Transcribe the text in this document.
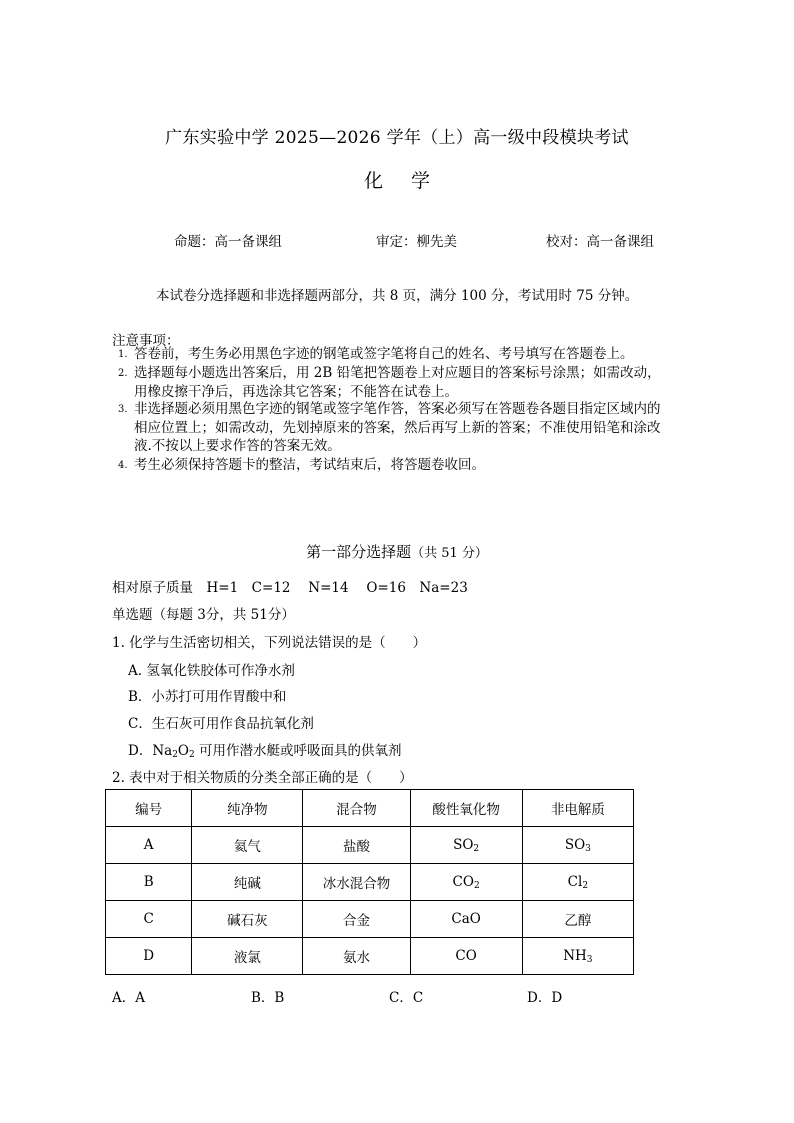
广东实验中学 2025—2026 学年（上）高一级中段模块考试
化 学
命题：高一备课组	审定：柳先美	校对：高一备课组
本试卷分选择题和非选择题两部分，共 8 页，满分 100 分，考试用时 75 分钟。
注意事项：
1. 答卷前，考生务必用黑色字迹的钢笔或签字笔将自己的姓名、考号填写在答题卷上。
2. 选择题每小题选出答案后，用 2B 铅笔把答题卷上对应题目的答案标号涂黑；如需改动，
用橡皮擦干净后，再选涂其它答案；不能答在试卷上。
3. 非选择题必须用黑色字迹的钢笔或签字笔作答，答案必须写在答题卷各题目指定区域内的
相应位置上；如需改动，先划掉原来的答案，然后再写上新的答案；不准使用铅笔和涂改
液.不按以上要求作答的答案无效。
4. 考生必须保持答题卡的整洁，考试结束后，将答题卷收回。
第一部分选择题（共 51 分）
相对原子质量　H=1　C=12　 N=14　 O=16　Na=23
单选题（每题 3分，共 51分）
1. 化学与生活密切相关，下列说法错误的是（　　）
A. 氢氧化铁胶体可作净水剂
B．小苏打可用作胃酸中和
C．生石灰可用作食品抗氧化剂
D．$Na_2O_2$ 可用作潜水艇或呼吸面具的供氧剂
2. 表中对于相关物质的分类全部正确的是（　　）
编号	纯净物	混合物	酸性氧化物	非电解质
A	氦气	盐酸	$SO_2$	$SO_3$
B	纯碱	冰水混合物	$CO_2$	$Cl_2$
C	碱石灰	合金	CaO	乙醇
D	液氯	氨水	CO	$NH_3$
A．A	B．B	C．C	D．D
